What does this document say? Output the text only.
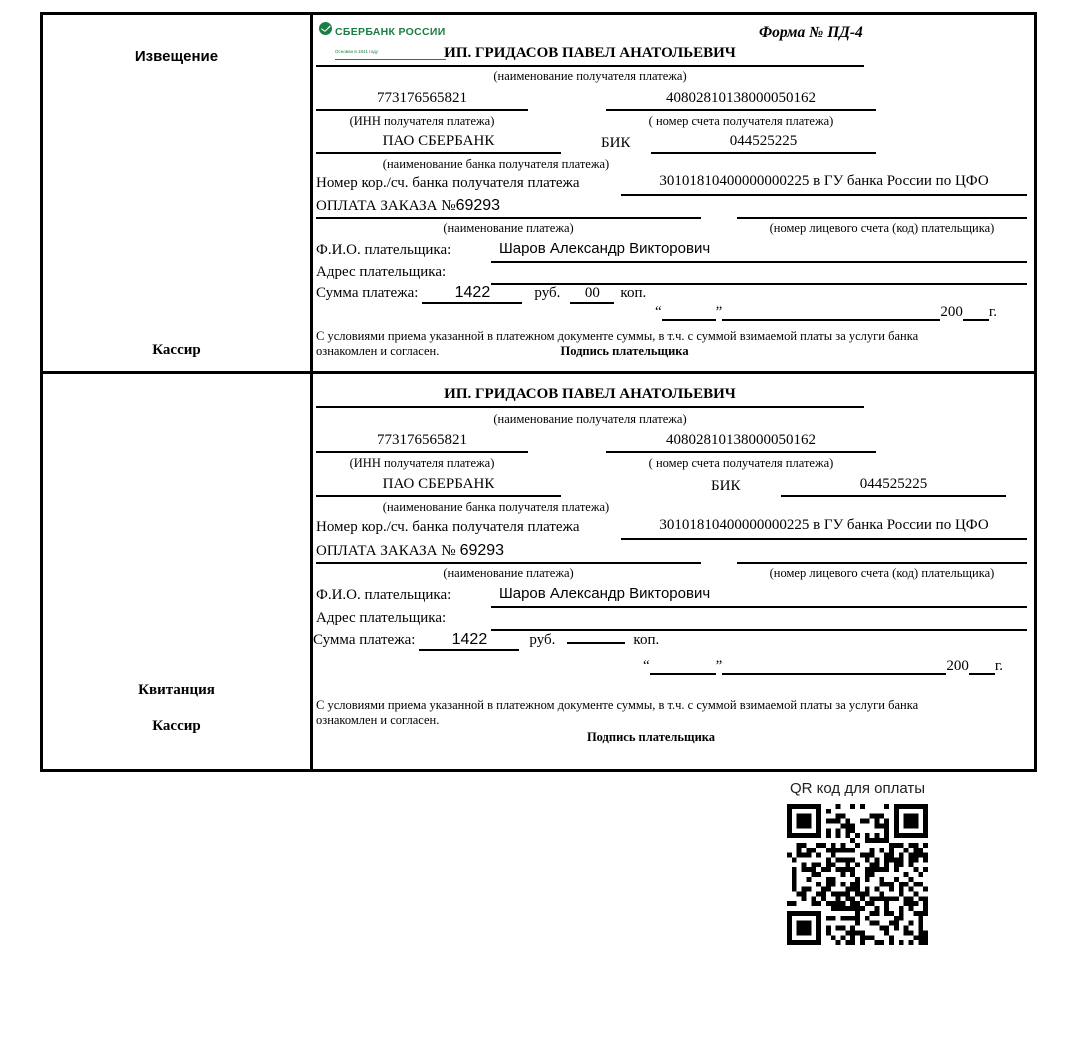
Извещение
Кассир
СБЕРБАНК РОССИИ
Основан в 1841 году
Форма № ПД-4
ИП. ГРИДАСОВ ПАВЕЛ АНАТОЛЬЕВИЧ
(наименование получателя платежа)
773176565821	40802810138000050162
(ИНН получателя платежа)	( номер счета получателя платежа)
ПАО СБЕРБАНК	БИК	044525225
(наименование банка получателя платежа)
Номер кор./сч. банка получателя платежа	30101810400000000225 в ГУ банка России по ЦФО
ОПЛАТА ЗАКАЗА №69293
(наименование платежа)	(номер лицевого счета (код) плательщика)
Ф.И.О. плательщика:	Шаров Александр Викторович
Адрес плательщика:
Сумма платежа: 1422	руб. 00 коп.
“	”	200 г.
С условиями приема указанной в платежном документе суммы, в т.ч. с суммой взимаемой платы за услуги банка
ознакомлен и согласен.	Подпись плательщика
Квитанция
Кассир
ИП. ГРИДАСОВ ПАВЕЛ АНАТОЛЬЕВИЧ
(наименование получателя платежа)
773176565821	40802810138000050162
(ИНН получателя платежа)	( номер счета получателя платежа)
ПАО СБЕРБАНК	БИК	044525225
(наименование банка получателя платежа)
Номер кор./сч. банка получателя платежа	30101810400000000225 в ГУ банка России по ЦФО
ОПЛАТА ЗАКАЗА № 69293
(наименование платежа)	(номер лицевого счета (код) плательщика)
Ф.И.О. плательщика:	Шаров Александр Викторович
Адрес плательщика:
Сумма платежа: 1422	руб.	коп.
“	”	200 г.
С условиями приема указанной в платежном документе суммы, в т.ч. с суммой взимаемой платы за услуги банка
ознакомлен и согласен.
Подпись плательщика
QR код для оплаты
